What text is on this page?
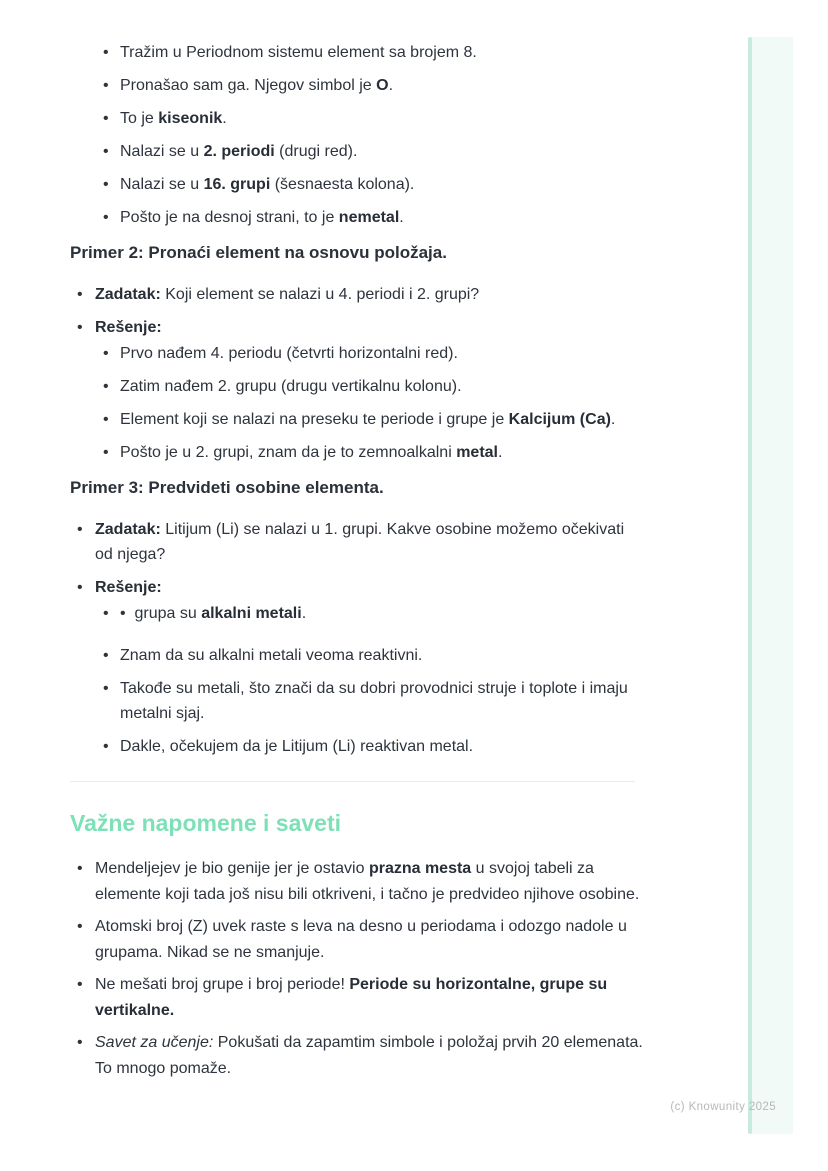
• Tražim u Periodnom sistemu element sa brojem 8.
• Pronašao sam ga. Njegov simbol je O.
• To je kiseonik.
• Nalazi se u 2. periodi (drugi red).
• Nalazi se u 16. grupi (šesnaesta kolona).
• Pošto je na desnoj strani, to je nemetal.
Primer 2: Pronaći element na osnovu položaja.
• Zadatak: Koji element se nalazi u 4. periodi i 2. grupi?
• Rešenje:
• Prvo nađem 4. periodu (četvrti horizontalni red).
• Zatim nađem 2. grupu (drugu vertikalnu kolonu).
• Element koji se nalazi na preseku te periode i grupe je Kalcijum (Ca).
• Pošto je u 2. grupi, znam da je to zemnoalkalni metal.
Primer 3: Predvideti osobine elementa.
• Zadatak: Litijum (Li) se nalazi u 1. grupi. Kakve osobine možemo očekivati od njega?
• Rešenje:
• •  grupa su alkalni metali.
• Znam da su alkalni metali veoma reaktivni.
• Takođe su metali, što znači da su dobri provodnici struje i toplote i imaju metalni sjaj.
• Dakle, očekujem da je Litijum (Li) reaktivan metal.
Važne napomene i saveti
• Mendeljejev je bio genije jer je ostavio prazna mesta u svojoj tabeli za elemente koji tada još nisu bili otkriveni, i tačno je predvideo njihove osobine.
• Atomski broj (Z) uvek raste s leva na desno u periodama i odozgo nadole u grupama. Nikad se ne smanjuje.
• Ne mešati broj grupe i broj periode! Periode su horizontalne, grupe su vertikalne.
• Savet za učenje: Pokušati da zapamtim simbole i položaj prvih 20 elemenata. To mnogo pomaže.
(c) Knowunity 2025
